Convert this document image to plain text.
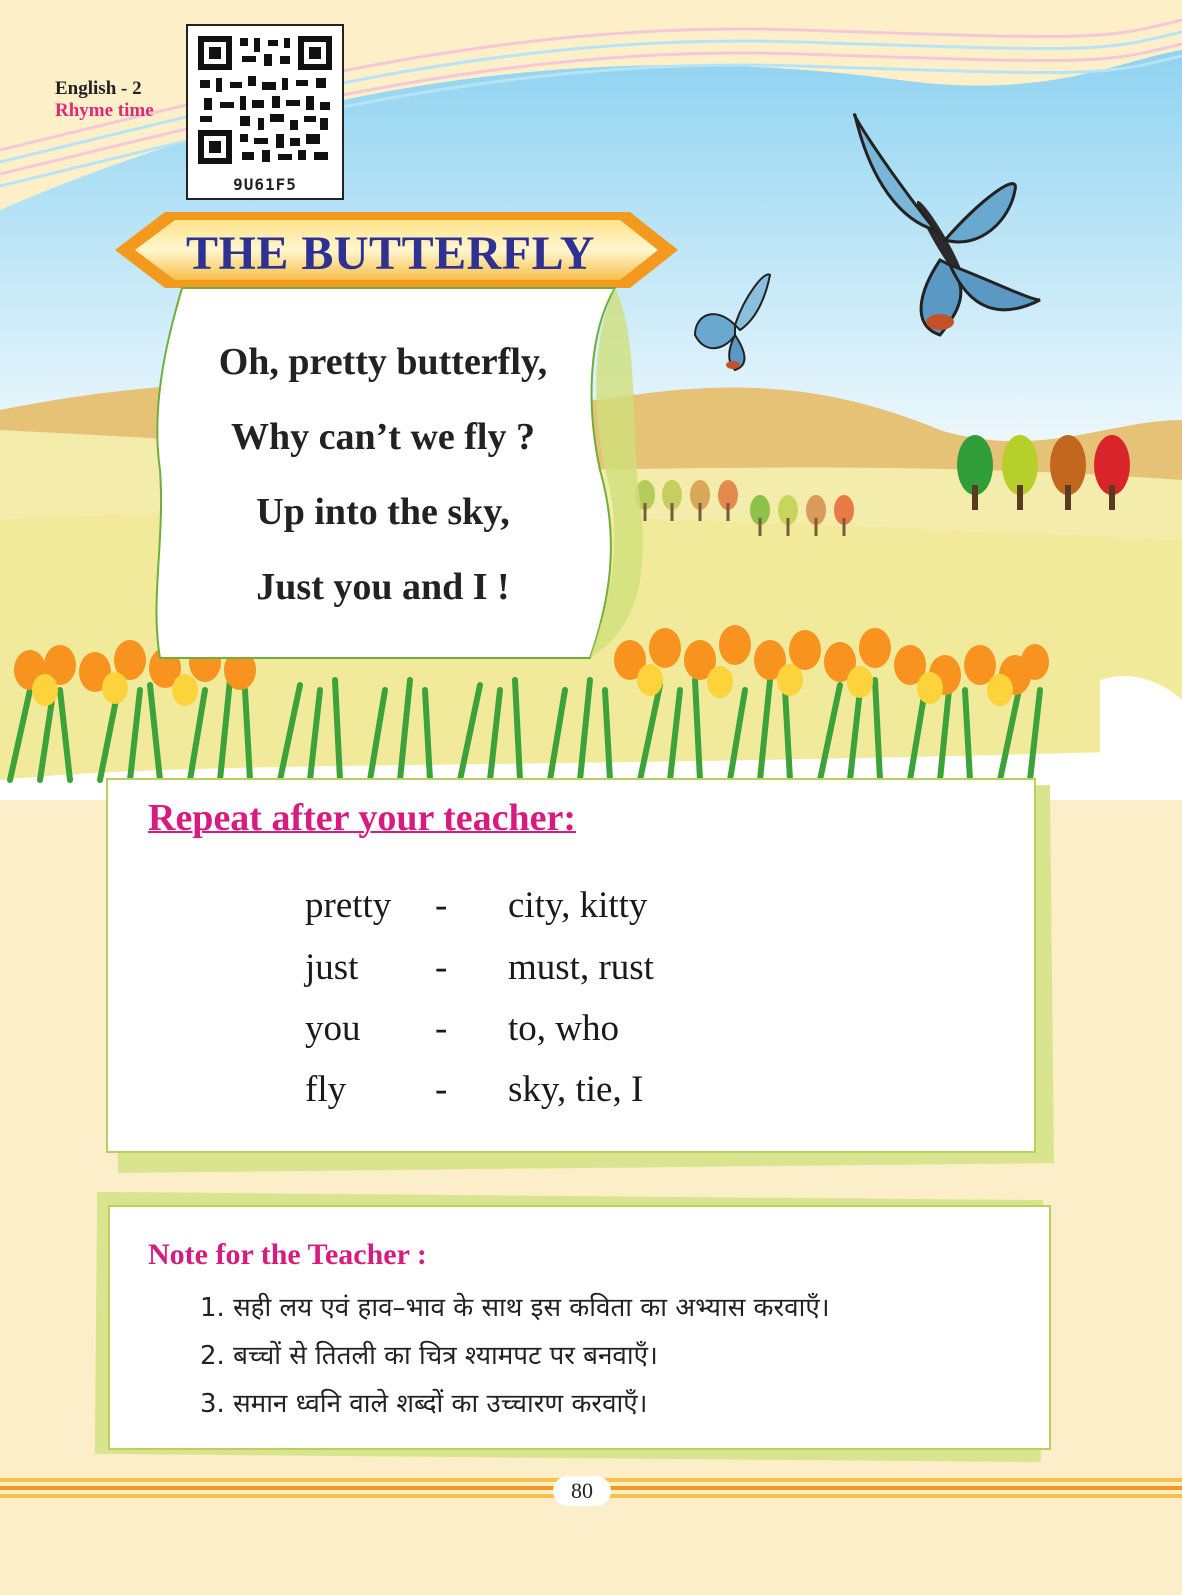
English - 2
Rhyme time
9U61F5
THE BUTTERFLY
Oh, pretty butterfly,
Why can’t we fly ?
Up into the sky,
Just you and I !
Repeat after your teacher:
pretty - city, kitty
just - must, rust
you - to, who
fly - sky, tie, I
Note for the Teacher :
1. सही लय एवं हाव–भाव के साथ इस कविता का अभ्यास करवाएँ।
2. बच्चों से तितली का चित्र श्यामपट पर बनवाएँ।
3. समान ध्वनि वाले शब्दों का उच्चारण करवाएँ।
80
